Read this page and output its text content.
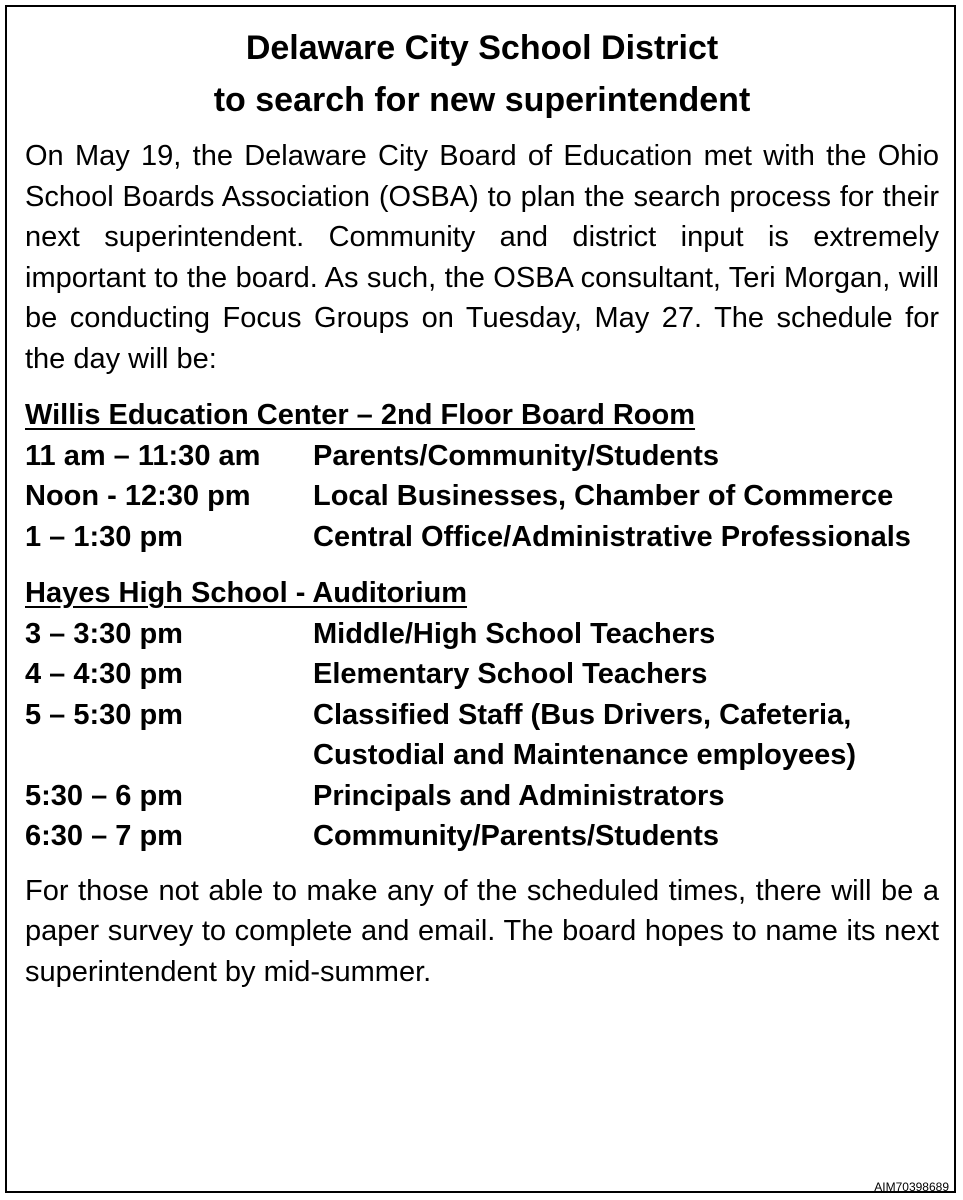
Delaware City School District
to search for new superintendent

On May 19, the Delaware City Board of Education met with the Ohio School Boards Association (OSBA) to plan the search process for their next superintendent. Community and district input is extremely important to the board. As such, the OSBA consultant, Teri Morgan, will be conducting Focus Groups on Tuesday, May 27. The schedule for the day will be:

Willis Education Center – 2nd Floor Board Room
11 am – 11:30 am	Parents/Community/Students
Noon - 12:30 pm	Local Businesses, Chamber of Commerce
1 – 1:30 pm	Central Office/Administrative Professionals
Hayes High School - Auditorium
3 – 3:30 pm	Middle/High School Teachers
4 – 4:30 pm	Elementary School Teachers
5 – 5:30 pm	Classified Staff (Bus Drivers, Cafeteria, Custodial and Maintenance employees)
5:30 – 6 pm	Principals and Administrators
6:30 – 7 pm	Community/Parents/Students

For those not able to make any of the scheduled times, there will be a paper survey to complete and email. The board hopes to name its next superintendent by mid-summer.

AIM70398689
